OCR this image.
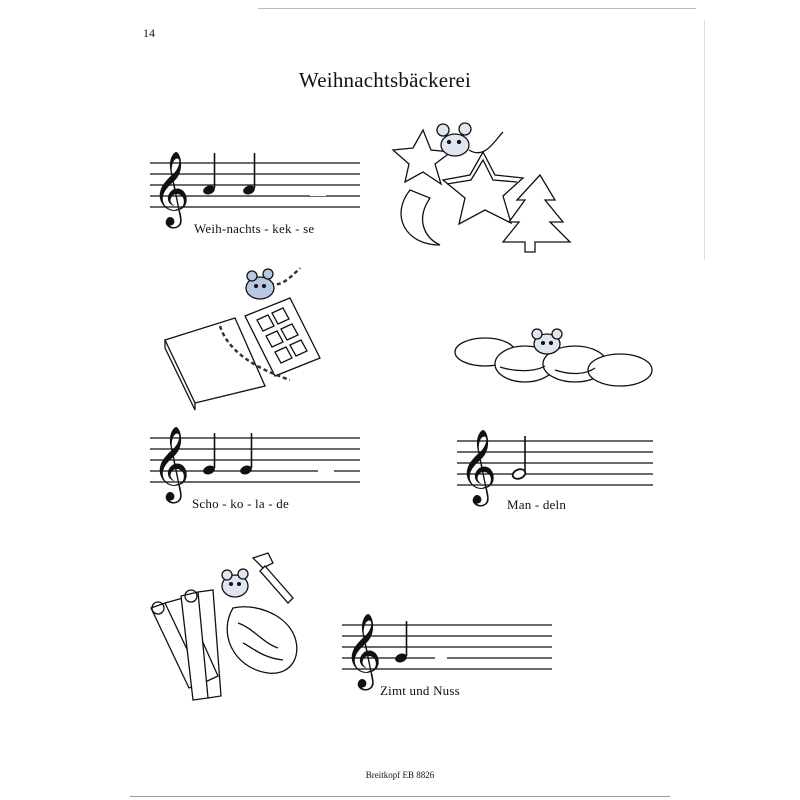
14
Weihnachtsbäckerei
𝄞
Weih-nachts - kek - se
𝄞
Scho - ko - la - de	𝄞
Man - deln
𝄞
Zimt und Nuss
Breitkopf EB 8826
